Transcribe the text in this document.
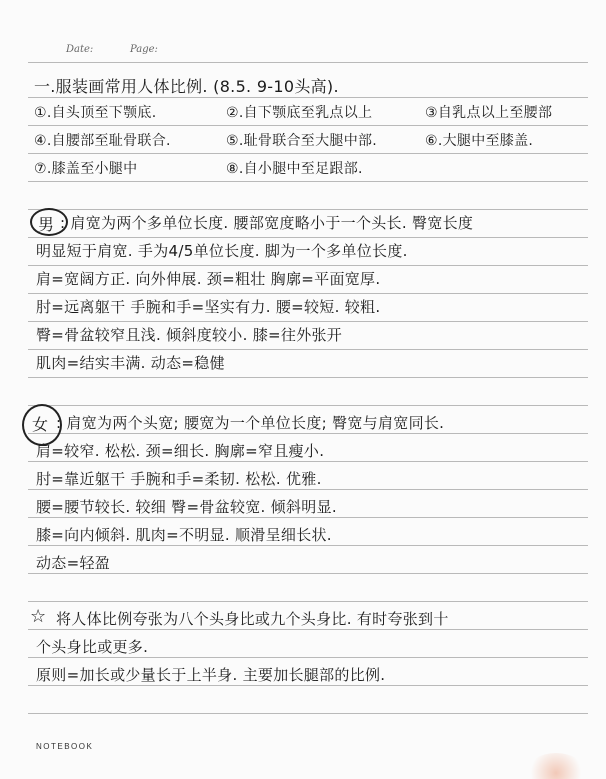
Date:	Page:
一.服装画常用人体比例. (8.5. 9-10头高).
①.自头顶至下颚底.	②.自下颚底至乳点以上	③自乳点以上至腰部
④.自腰部至耻骨联合.	⑤.耻骨联合至大腿中部.	⑥.大腿中至膝盖.
⑦.膝盖至小腿中	⑧.自小腿中至足跟部.
男 : 肩宽为两个多单位长度. 腰部宽度略小于一个头长. 臀宽长度
明显短于肩宽. 手为4/5单位长度. 脚为一个多单位长度.
肩=宽阔方正. 向外伸展. 颈=粗壮 胸廓=平面宽厚.
肘=远离躯干 手腕和手=坚实有力. 腰=较短. 较粗.
臀=骨盆较窄且浅. 倾斜度较小. 膝=往外张开
肌肉=结实丰满. 动态=稳健
女 : 肩宽为两个头宽; 腰宽为一个单位长度; 臀宽与肩宽同长.
肩=较窄. 松松. 颈=细长. 胸廓=窄且瘦小.
肘=靠近躯干 手腕和手=柔韧. 松松. 优雅.
腰=腰节较长. 较细 臀=骨盆较宽. 倾斜明显.
膝=向内倾斜. 肌肉=不明显. 顺滑呈细长状.
动态=轻盈
☆ 将人体比例夸张为八个头身比或九个头身比. 有时夸张到十
个头身比或更多.
原则=加长或少量长于上半身. 主要加长腿部的比例.
NOTEBOOK
